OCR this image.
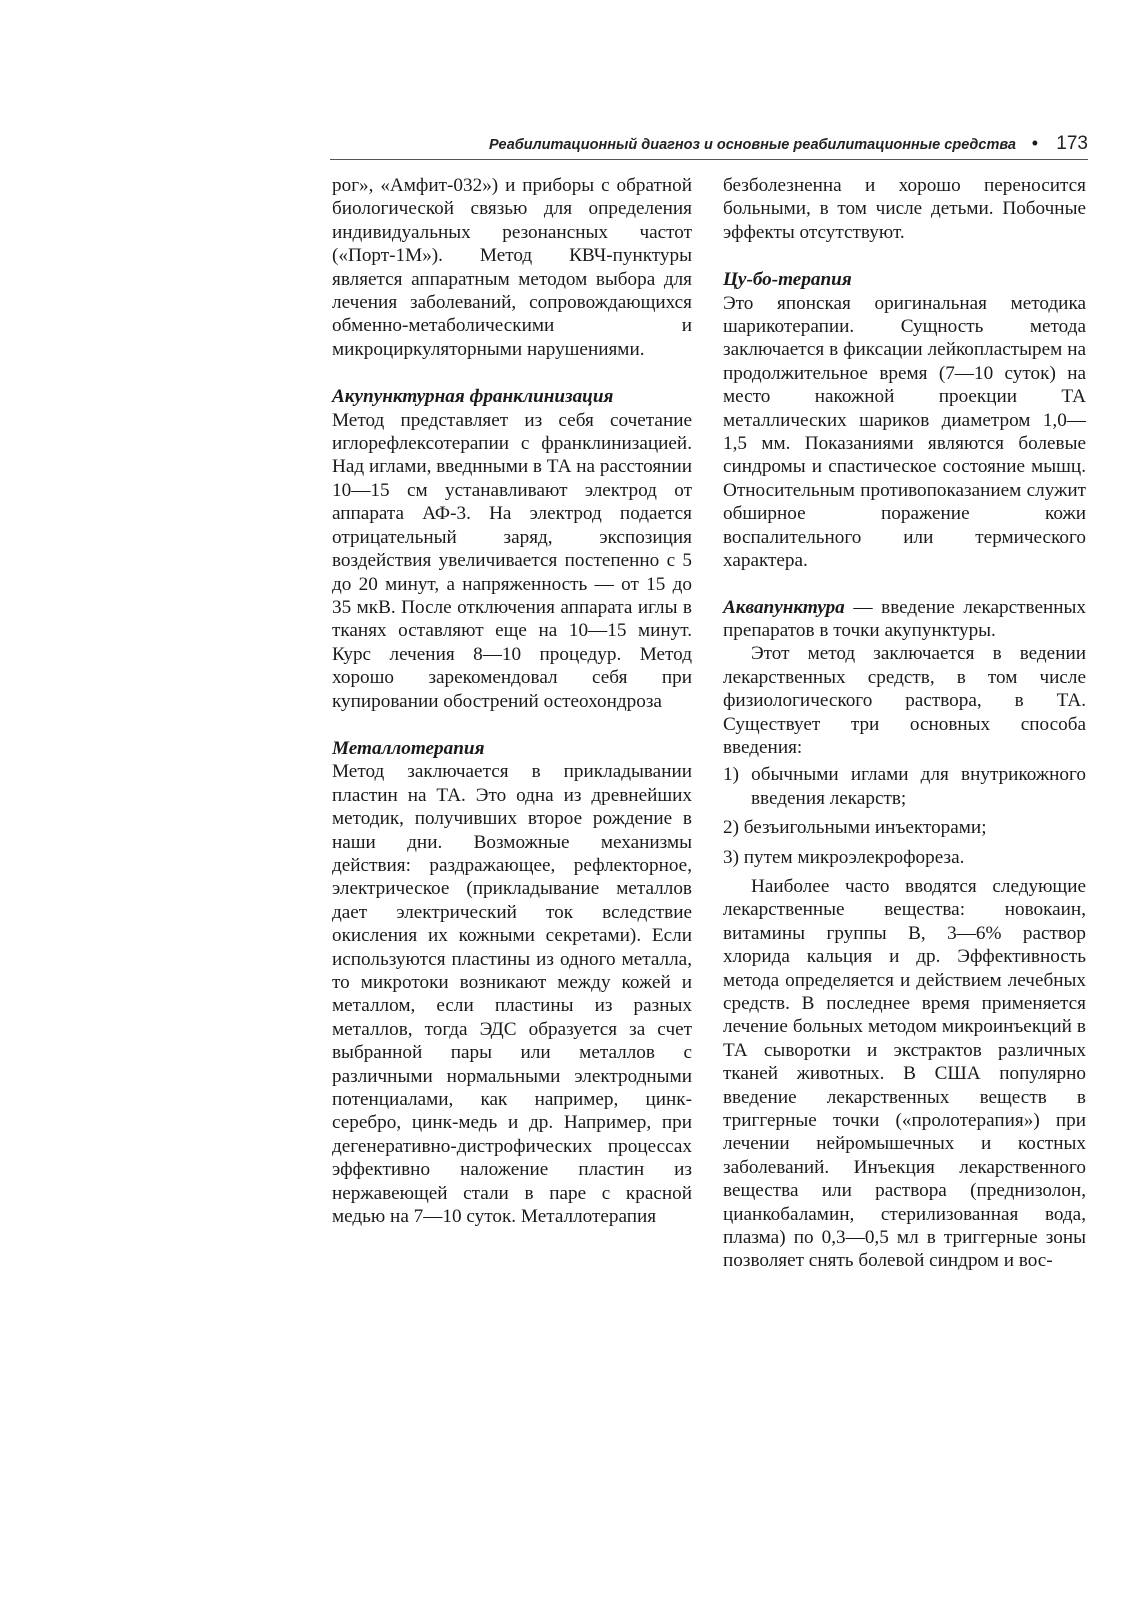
Реабилитационный диагноз и основные реабилитационные средства • 173

рог», «Амфит-032») и приборы с обратной биологической связью для определения индивидуальных резонансных частот («Порт-1М»). Метод КВЧ-пунктуры является аппаратным методом выбора для лечения заболеваний, сопровождающихся обменно-метаболическими и микроциркуляторными нарушениями.

Акупунктурная франклинизация

Метод представляет из себя сочетание иглорефлексотерапии с франклинизацией. Над иглами, введнными в ТА на расстоянии 10—15 см устанавливают электрод от аппарата АФ-3. На электрод подается отрицательный заряд, экспозиция воздействия увеличивается постепенно с 5 до 20 минут, а напряженность — от 15 до 35 мкВ. После отключения аппарата иглы в тканях оставляют еще на 10—15 минут. Курс лечения 8—10 процедур. Метод хорошо зарекомендовал себя при купировании обострений остеохондроза

Металлотерапия

Метод заключается в прикладывании пластин на ТА. Это одна из древнейших методик, получивших второе рождение в наши дни. Возможные механизмы действия: раздражающее, рефлекторное, электрическое (прикладывание металлов дает электрический ток вследствие окисления их кожными секретами). Если используются пластины из одного металла, то микротоки возникают между кожей и металлом, если пластины из разных металлов, тогда ЭДС образуется за счет выбранной пары или металлов с различными нормальными электродными потенциалами, как например, цинк-серебро, цинк-медь и др. Например, при дегенеративно-дистрофических процессах эффективно наложение пластин из нержавеющей стали в паре с красной медью на 7—10 суток. Металлотерапия

безболезненна и хорошо переносится больными, в том числе детьми. Побочные эффекты отсутствуют.

Цу-бо-терапия

Это японская оригинальная методика шарикотерапии. Сущность метода заключается в фиксации лейкопластырем на продолжительное время (7—10 суток) на место накожной проекции ТА металлических шариков диаметром 1,0—1,5 мм. Показаниями являются болевые синдромы и спастическое состояние мышц. Относительным противопоказанием служит обширное поражение кожи воспалительного или термического характера.

Аквапунктура — введение лекарственных препаратов в точки акупунктуры.

Этот метод заключается в ведении лекарственных средств, в том числе физиологического раствора, в ТА. Существует три основных способа введения:

1) обычными иглами для внутрикожного введения лекарств;
2) безъигольными инъекторами;
3) путем микроэлекрофореза.

Наиболее часто вводятся следующие лекарственные вещества: новокаин, витамины группы В, 3—6% раствор хлорида кальция и др. Эффективность метода определяется и действием лечебных средств. В последнее время применяется лечение больных методом микроинъекций в ТА сыворотки и экстрактов различных тканей животных. В США популярно введение лекарственных веществ в триггерные точки («пролотерапия») при лечении нейромышечных и костных заболеваний. Инъекция лекарственного вещества или раствора (преднизолон, цианкобаламин, стерилизованная вода, плазма) по 0,3—0,5 мл в триггерные зоны позволяет снять болевой синдром и вос-
